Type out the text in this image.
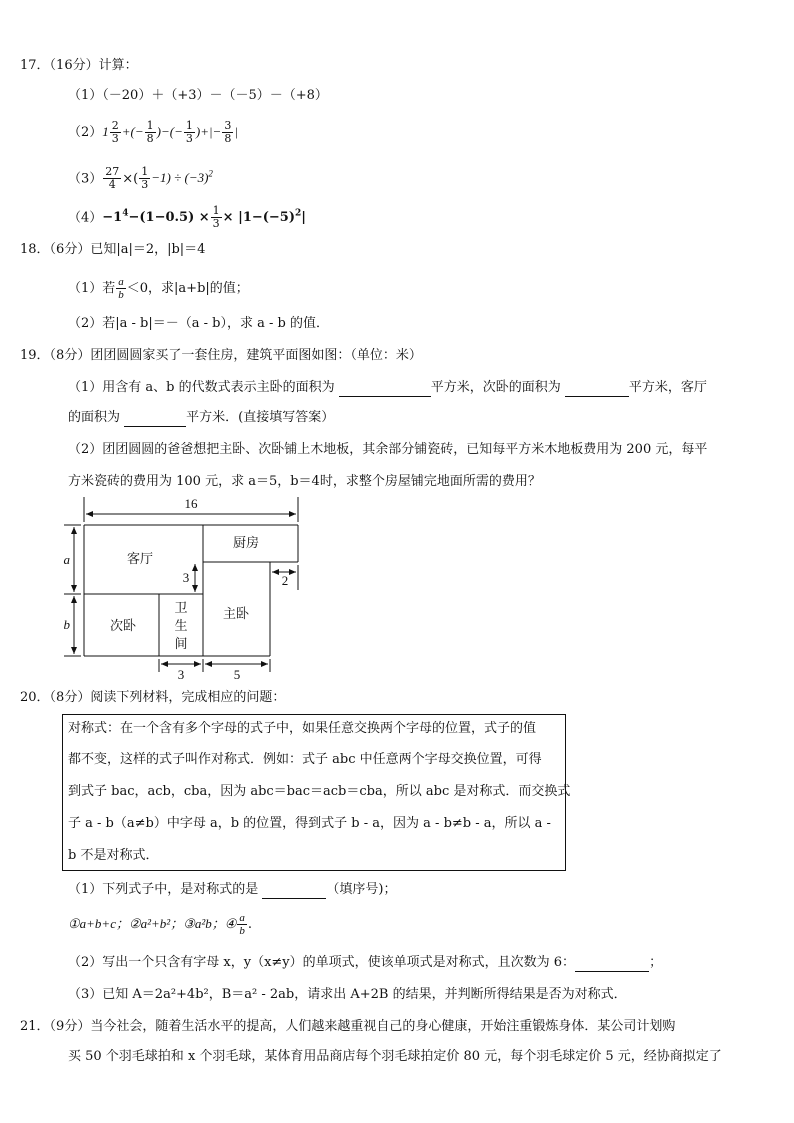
17．（16分）计算：
（1）（－20）＋（+3）－（－5）－（+8）
$(2)1 \frac{2}{3}$ +(− $\frac{1}{8}$ )−(− $\frac{1}{3}$ )+|− $\frac{3}{8}$ |
$(3) \frac{27}{4}$ ×( $\frac{1}{3} -1) \div (-3)^2$
$(4)-1^4-(1-0.5) \times \frac{1}{3} \times |1-(-5)^2|$
18．（6分）已知|a|＝2，|b|＝4
（1）若 $\frac{a}{b} <0$，求|a+b|的值；
（2）若|a - b|＝－（a - b），求 a - b 的值．
19．（8分）团团圆圆家买了一套住房，建筑平面图如图：（单位：米）
（1）用含有 a、b 的代数式表示主卧的面积为	平方米，次卧的面积为	平方米，客厅
的面积为	平方米．(直接填写答案）
（2）团团圆圆的爸爸想把主卧、次卧铺上木地板，其余部分铺瓷砖，已知每平方米木地板费用为 200 元，每平
方米瓷砖的费用为 100 元，求 a＝5，b＝4时，求整个房屋铺完地面所需的费用？
16
a
b
3	2
3	5
客厅
厨房
次卧
卫
生
间
主卧
20．（8分）阅读下列材料，完成相应的问题：
对称式：在一个含有多个字母的式子中，如果任意交换两个字母的位置，式子的值
都不变，这样的式子叫作对称式．例如：式子 abc 中任意两个字母交换位置，可得
到式子 bac，acb，cba，因为 abc＝bac＝acb＝cba，所以 abc 是对称式．而交换式
子 a - b（a≠b）中字母 a，b 的位置，得到式子 b - a，因为 a - b≠b - a，所以 a -
b 不是对称式．
（1）下列式子中，是对称式的是	（填序号)；
①a+b+c；②a²+b²；③a²b；④ $\frac{a}{b}$ .
（2）写出一个只含有字母 x，y（x≠y）的单项式，使该单项式是对称式，且次数为 6：	；
（3）已知 A＝2a²+4b²，B＝a² - 2ab，请求出 A+2B 的结果，并判断所得结果是否为对称式．
21．（9分）当今社会，随着生活水平的提高，人们越来越重视自己的身心健康，开始注重锻炼身体．某公司计划购
买 50 个羽毛球拍和 x 个羽毛球，某体育用品商店每个羽毛球拍定价 80 元，每个羽毛球定价 5 元，经协商拟定了
